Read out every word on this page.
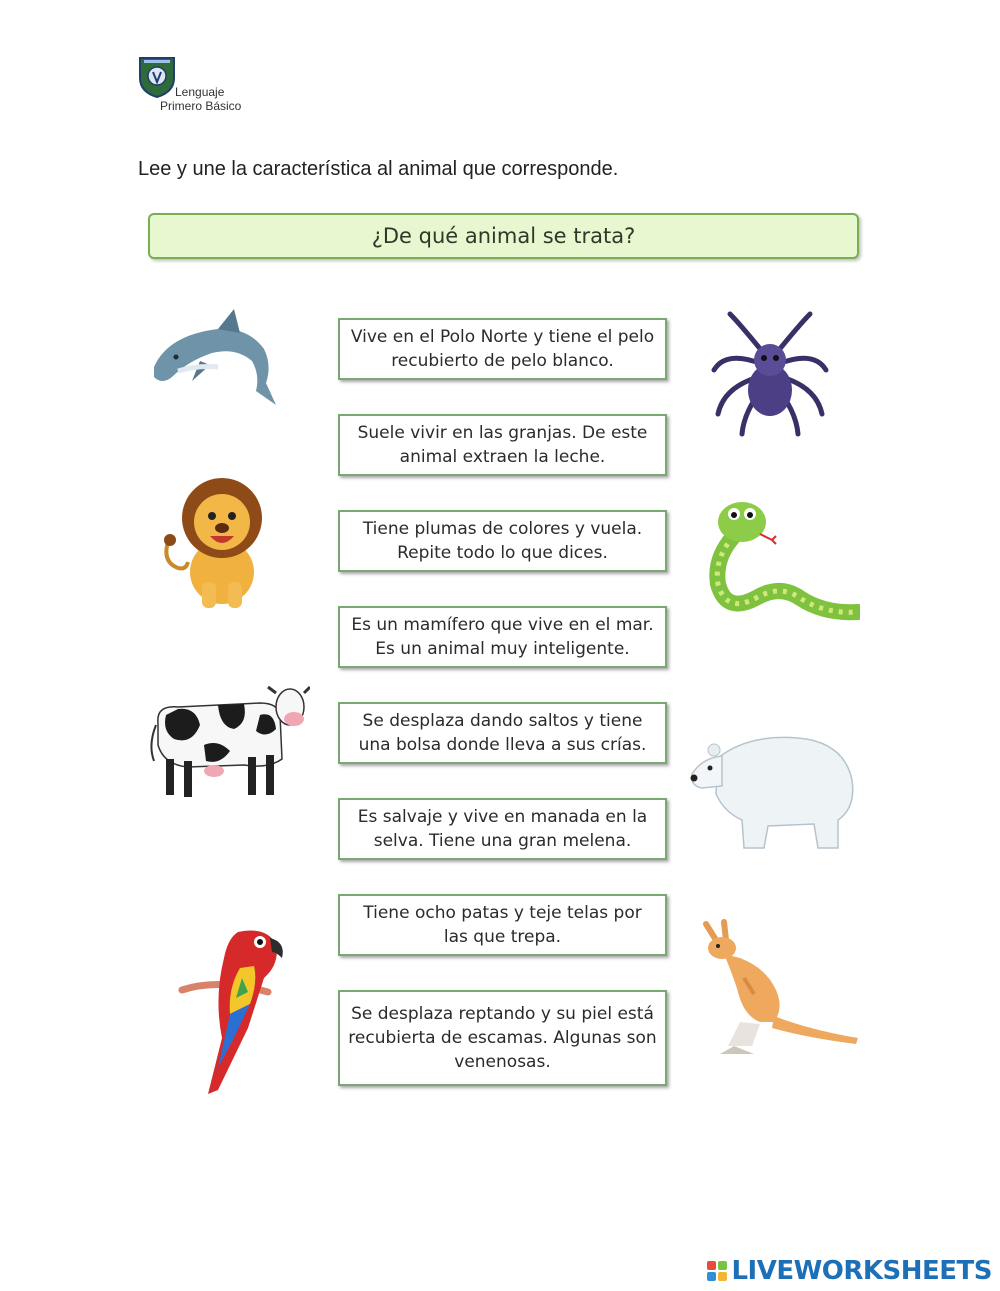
Lenguaje
Primero Básico
Lee y une la característica al animal que corresponde.
¿De qué animal se trata?
Vive en el Polo Norte y tiene el pelo
recubierto de pelo blanco.
Suele vivir en las granjas. De este
animal extraen la leche.
Tiene plumas de colores y vuela.
Repite todo lo que dices.
Es un mamífero que vive en el mar.
Es un animal muy inteligente.
Se desplaza dando saltos y tiene
una bolsa donde lleva a sus crías.
Es salvaje y vive en manada en la
selva. Tiene una gran melena.
Tiene ocho patas y teje telas por
las que trepa.
Se desplaza reptando y su piel está
recubierta de escamas. Algunas son
venenosas.
LIVEWORKSHEETS
